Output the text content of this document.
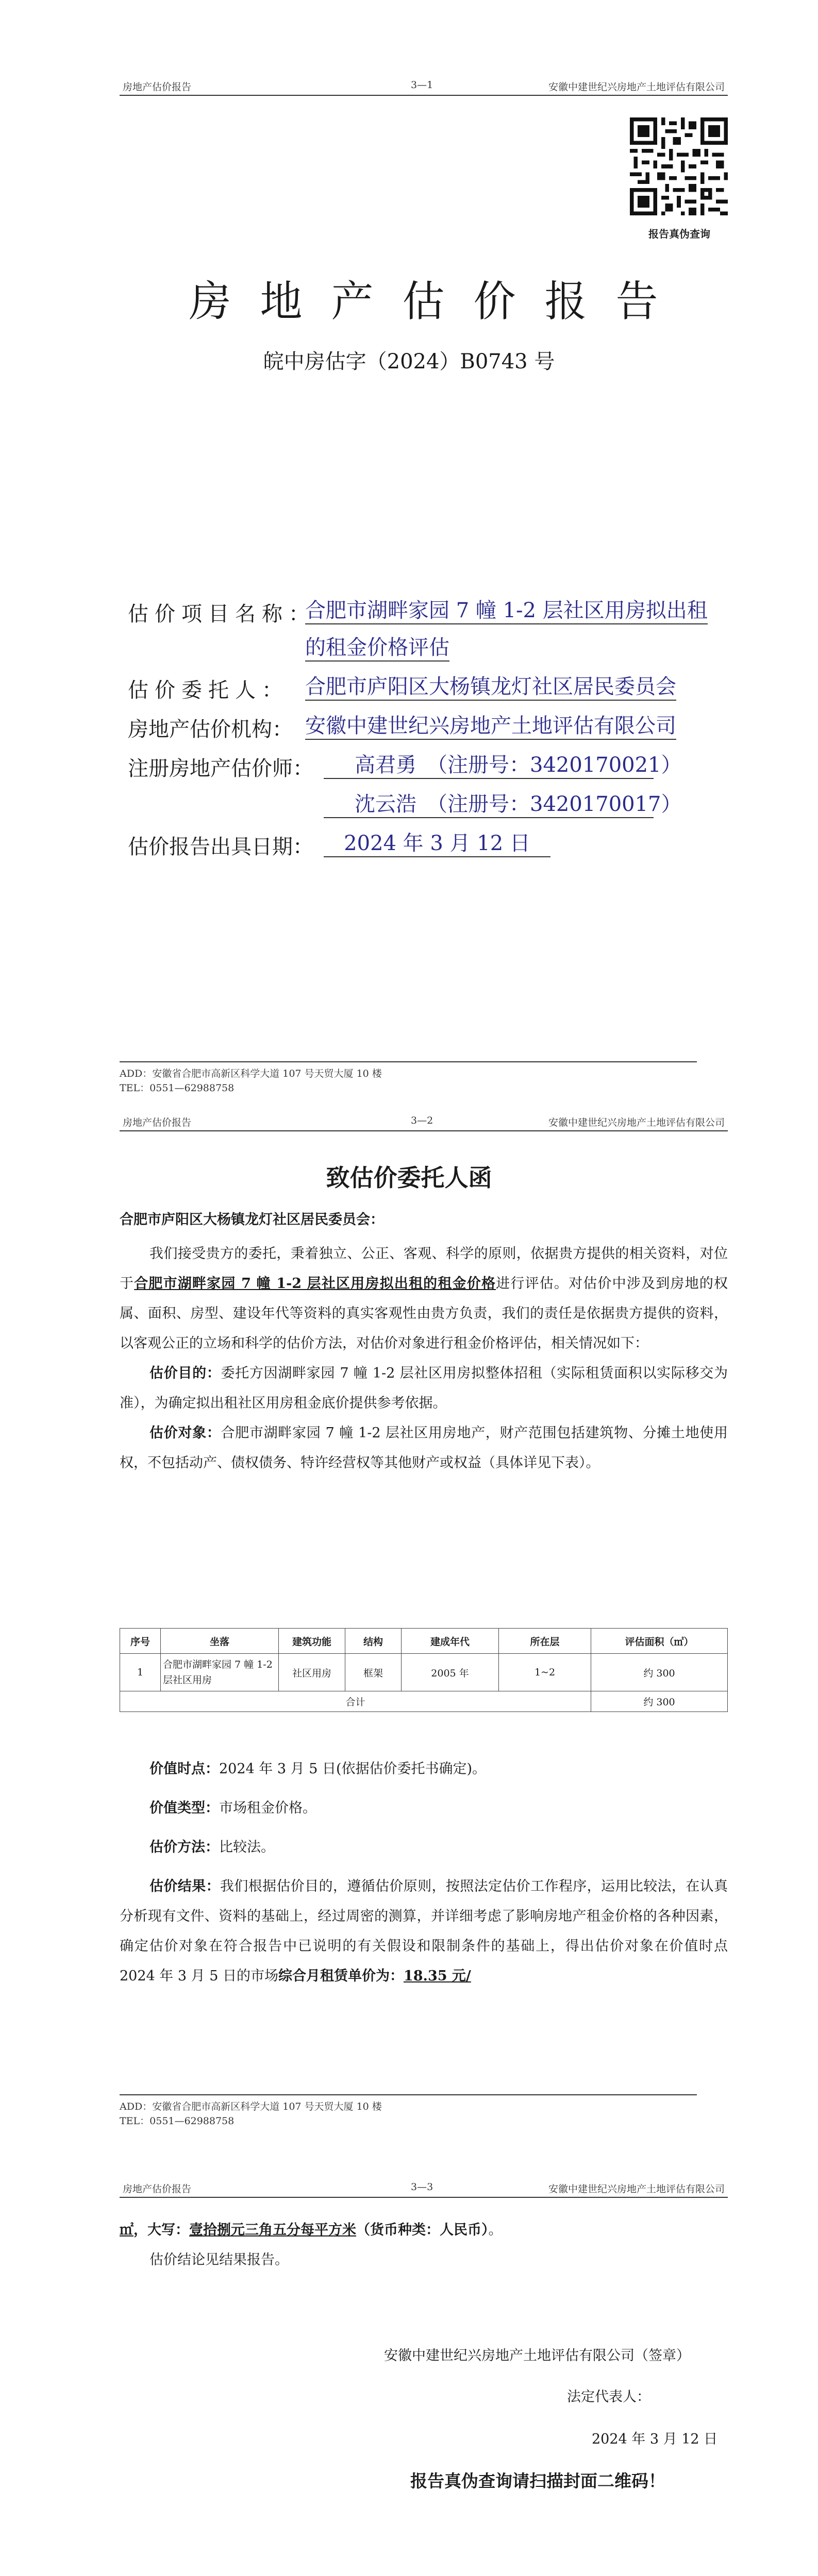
房地产估价报告	3—1	安徽中建世纪兴房地产土地评估有限公司
报告真伪查询
房地产估价报告
皖中房估字（2024）B0743 号
估价项目名称：
合肥市湖畔家园 7 幢 1-2 层社区用房拟出租
的租金价格评估
估价委托人： 合肥市庐阳区大杨镇龙灯社区居民委员会
房地产估价机构： 安徽中建世纪兴房地产土地评估有限公司
注册房地产估价师：	高君勇　（注册号：3420170021）
沈云浩　（注册号：3420170017）
估价报告出具日期：	2024 年 3 月 12 日
ADD：安徽省合肥市高新区科学大道 107 号天贸大厦 10 楼
TEL：0551—62988758
房地产估价报告	3—2	安徽中建世纪兴房地产土地评估有限公司
致估价委托人函
合肥市庐阳区大杨镇龙灯社区居民委员会：

我们接受贵方的委托，秉着独立、公正、客观、科学的原则，依据贵方提供的相关资料，对位于合肥市湖畔家园 7 幢 1-2 层社区用房拟出租的租金价格进行评估。对估价中涉及到房地的权属、面积、房型、建设年代等资料的真实客观性由贵方负责，我们的责任是依据贵方提供的资料，以客观公正的立场和科学的估价方法，对估价对象进行租金价格评估，相关情况如下：

估价目的：委托方因湖畔家园 7 幢 1-2 层社区用房拟整体招租（实际租赁面积以实际移交为准），为确定拟出租社区用房租金底价提供参考依据。

估价对象：合肥市湖畔家园 7 幢 1-2 层社区用房地产，财产范围包括建筑物、分摊土地使用权，不包括动产、债权债务、特许经营权等其他财产或权益（具体详见下表）。

序号	坐落	建筑功能	结构	建成年代	所在层	评估面积（㎡）
1	合肥市湖畔家园 7 幢 1-2 层社区用房	社区用房	框架	2005 年	1~2	约 300
合计						约 300

价值时点：2024 年 3 月 5 日(依据估价委托书确定)。

价值类型：市场租金价格。

估价方法：比较法。

估价结果：我们根据估价目的，遵循估价原则，按照法定估价工作程序，运用比较法，在认真分析现有文件、资料的基础上，经过周密的测算，并详细考虑了影响房地产租金价格的各种因素，确定估价对象在符合报告中已说明的有关假设和限制条件的基础上，得出估价对象在价值时点 2024 年 3 月 5 日的市场综合月租赁单价为：18.35 元/

ADD：安徽省合肥市高新区科学大道 107 号天贸大厦 10 楼
TEL：0551—62988758
房地产估价报告	3—3	安徽中建世纪兴房地产土地评估有限公司
㎡，大写：壹拾捌元三角五分每平方米（货币种类：人民币）。

估价结论见结果报告。

安徽中建世纪兴房地产土地评估有限公司（签章）
法定代表人：
2024 年 3 月 12 日
报告真伪查询请扫描封面二维码！
